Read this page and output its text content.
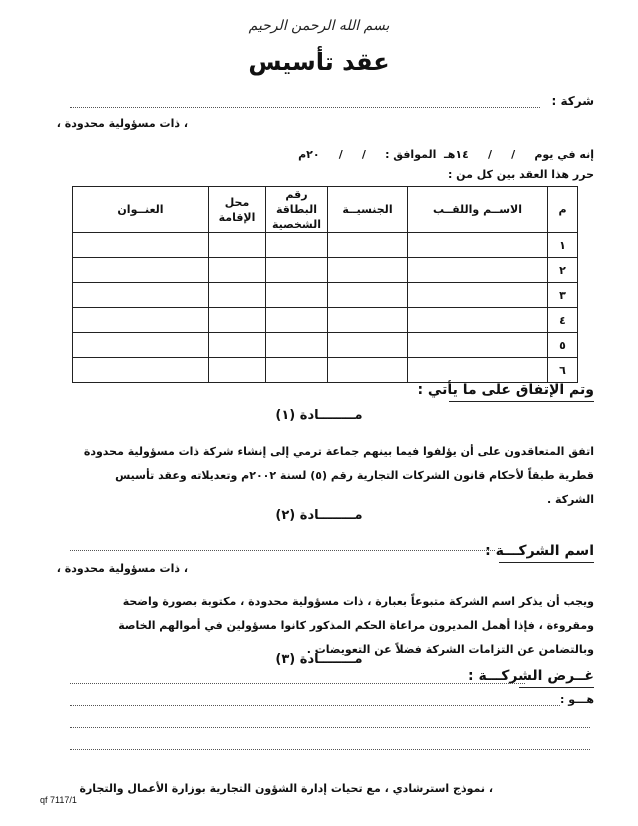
بسم الله الرحمن الرحيم
عقد تأسيس
شركة :
، ذات مسؤولية محدودة ،
إنه في يوم     /     /     ١٤هـ  الموافق :     /     /     ٢٠م
حرر هذا العقد بين كل من :
م	الاســم واللقــب	الجنسيــة	رقم البطاقة الشخصية	محل الإقامة	العنــوان
١					
٢					
٣					
٤					
٥					
٦					
وتم الإتفاق على ما يأتي :
مــــــــادة (١)
اتفق المتعاقدون على أن يؤلفوا فيما بينهم جماعة ترمي إلى إنشاء شركة ذات مسؤولية محدودة قطرية طبقاً لأحكام قانون الشركات التجارية رقم (٥) لسنة ٢٠٠٢م وتعديلاته وعقد تأسيس الشركة .
مــــــــادة (٢)
اسم الشركـــة :
، ذات مسؤولية محدودة ،
ويجب أن يذكر اسم الشركة متبوعاً بعبارة ، ذات مسؤولية محدودة ، مكتوبة بصورة واضحة ومقروءة ، فإذا أهمل المديرون مراعاة الحكم المذكور كانوا مسؤولين في أموالهم الخاصة وبالتضامن عن التزامات الشركة فضلاً عن التعويضات .
مــــــــادة (٣)
غــرض الشركـــة :
هـــو :
، نموذج استرشادي ، مع تحيات إدارة الشؤون التجارية بوزارة الأعمال والتجارة
qf 7117/1
